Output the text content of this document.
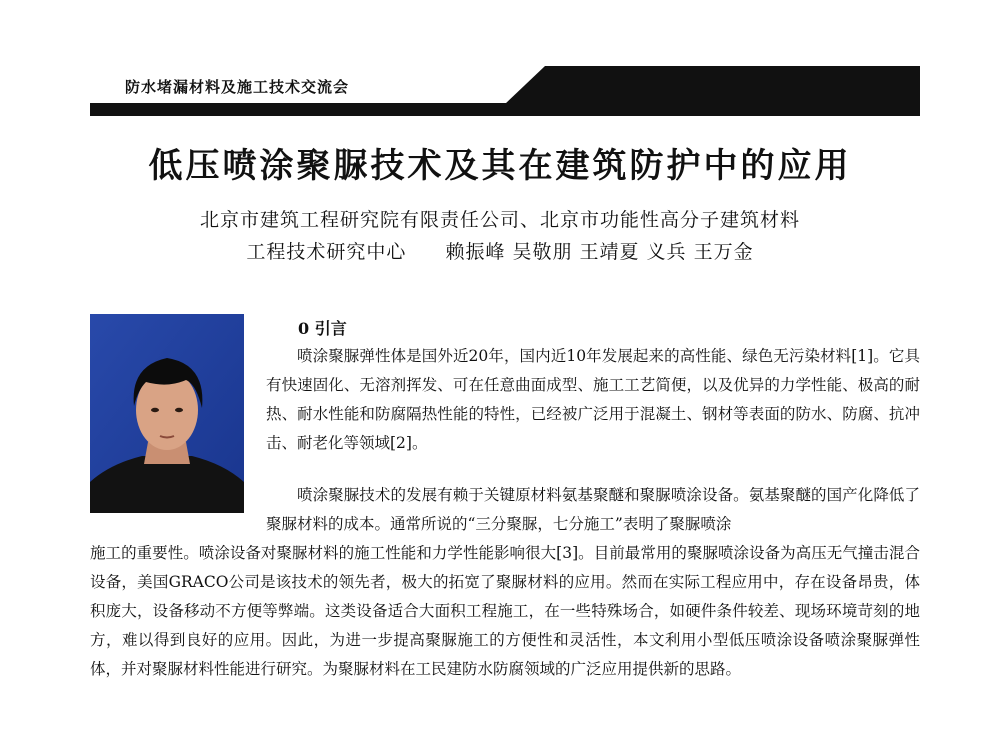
防水堵漏材料及施工技术交流会
低压喷涂聚脲技术及其在建筑防护中的应用
北京市建筑工程研究院有限责任公司、北京市功能性高分子建筑材料
工程技术研究中心 赖振峰 吴敬朋 王靖夏 义兵 王万金
0 引言

喷涂聚脲弹性体是国外近20年，国内近10年发展起来的高性能、绿色无污染材料[1]。它具有快速固化、无溶剂挥发、可在任意曲面成型、施工工艺简便，以及优异的力学性能、极高的耐热、耐水性能和防腐隔热性能的特性，已经被广泛用于混凝土、钢材等表面的防水、防腐、抗冲击、耐老化等领域[2]。

喷涂聚脲技术的发展有赖于关键原材料氨基聚醚和聚脲喷涂设备。氨基聚醚的国产化降低了聚脲材料的成本。通常所说的“三分聚脲，七分施工”表明了聚脲喷涂

施工的重要性。喷涂设备对聚脲材料的施工性能和力学性能影响很大[3]。目前最常用的聚脲喷涂设备为高压无气撞击混合设备，美国GRACO公司是该技术的领先者，极大的拓宽了聚脲材料的应用。然而在实际工程应用中，存在设备昂贵，体积庞大，设备移动不方便等弊端。这类设备适合大面积工程施工，在一些特殊场合，如硬件条件较差、现场环境苛刻的地方，难以得到良好的应用。因此，为进一步提高聚脲施工的方便性和灵活性，本文利用小型低压喷涂设备喷涂聚脲弹性体，并对聚脲材料性能进行研究。为聚脲材料在工民建防水防腐领域的广泛应用提供新的思路。
